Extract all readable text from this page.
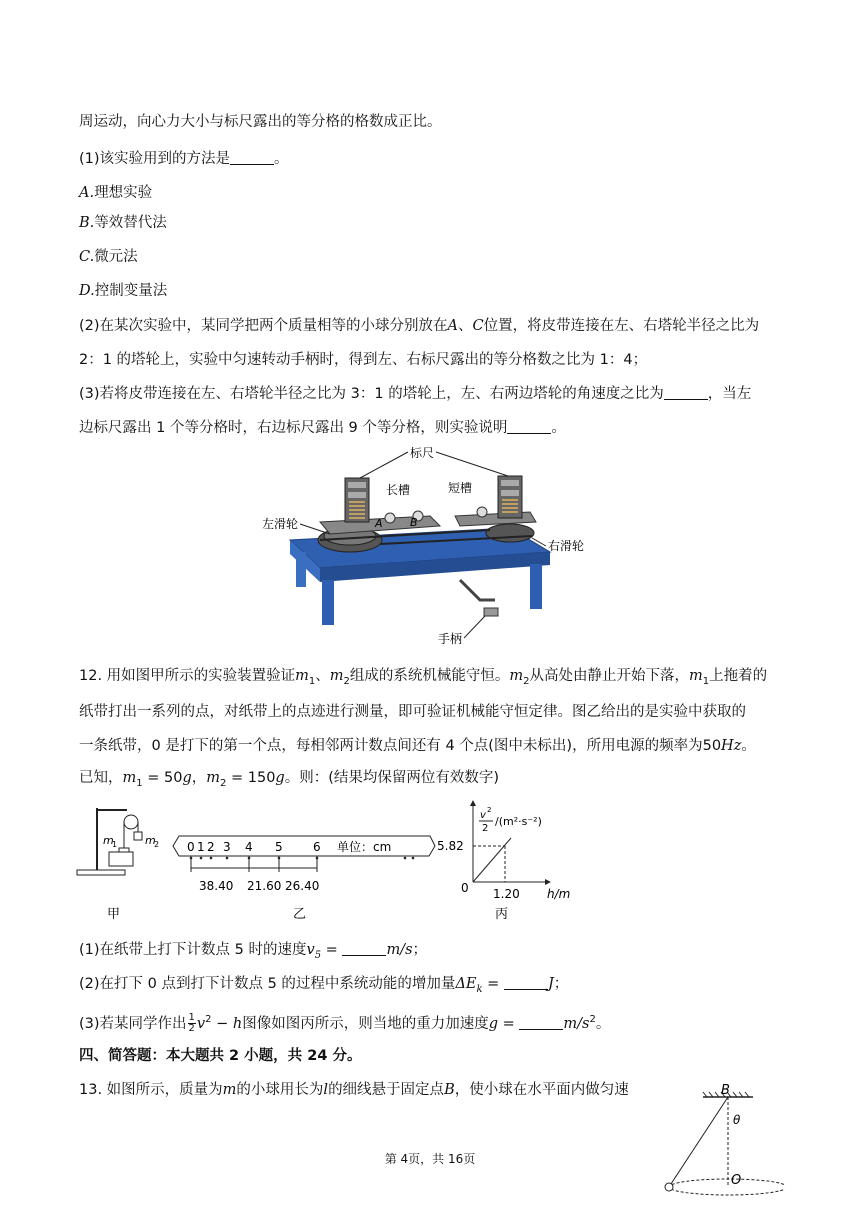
周运动，向心力大小与标尺露出的等分格的格数成正比。
(1)该实验用到的方法是	。
A.理想实验
B.等效替代法
C.微元法
D.控制变量法
(2)在某次实验中，某同学把两个质量相等的小球分别放在A、C位置，将皮带连接在左、右塔轮半径之比为
2：1 的塔轮上，实验中匀速转动手柄时，得到左、右标尺露出的等分格数之比为 1：4；
(3)若将皮带连接在左、右塔轮半径之比为 3：1 的塔轮上，左、右两边塔轮的角速度之比为	，当左
边标尺露出 1 个等分格时，右边标尺露出 9 个等分格，则实验说明	。
标尺
长槽	短槽
A B
左滑轮
右滑轮
手柄
12. 用如图甲所示的实验装置验证$m_1$、$m_2$组成的系统机械能守恒。$m_2$从高处由静止开始下落，$m_1$上拖着的
纸带打出一系列的点，对纸带上的点迹进行测量，即可验证机械能守恒定律。图乙给出的是实验中获取的
一条纸带，0 是打下的第一个点，每相邻两计数点间还有 4 个点(图中未标出)，所用电源的频率为50Hz。
已知，$m_1 = 50g$，$m_2 = 150g$。则：(结果均保留两位有效数字)
m
1	m
2
甲
0 1 2 3 4 5	6 单位：cm
38.40 21.60 26.40
乙
v 2
2
/(m²·s⁻²)
5.82
1.20
0	h/m
丙
(1)在纸带上打下计数点 5 时的速度$v_5$ =	m/s；
(2)在打下 0 点到打下计数点 5 的过程中系统动能的增加量$\Delta E_k$ =	J；
(3)若某同学作出 $\frac{1}{2} v^2 - h$图像如图丙所示，则当地的重力加速度g =	$m/s^2$。
四、简答题：本大题共 2 小题，共 24 分。
13. 如图所示，质量为m的小球用长为l的细线悬于固定点B，使小球在水平面内做匀速	B
θ
O
第 4页，共 16页
